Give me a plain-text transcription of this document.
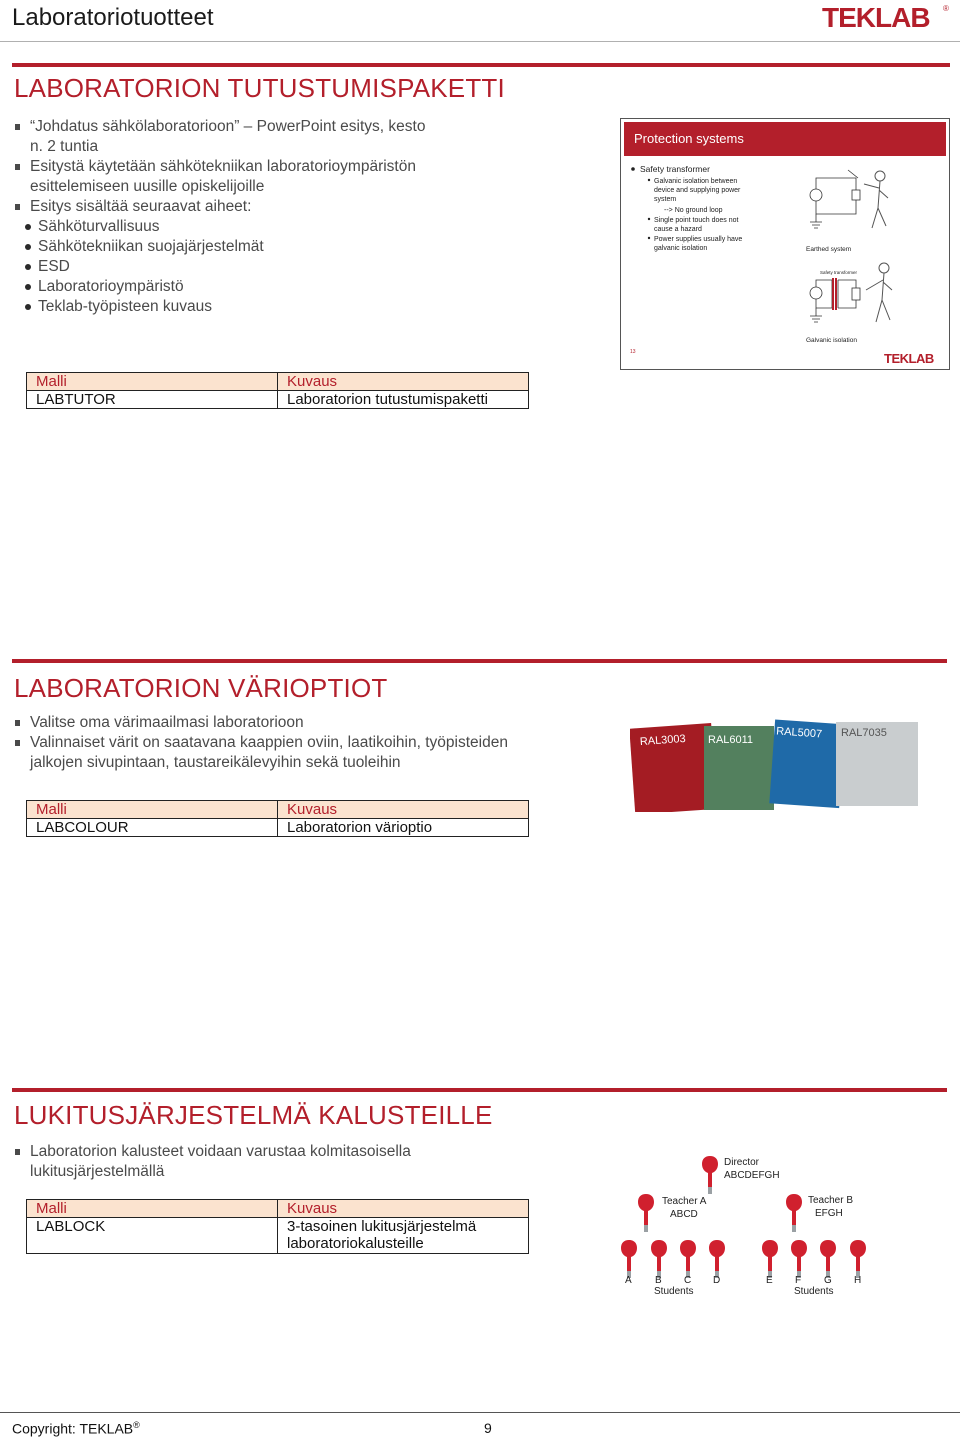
Laboratoriotuotteet	TEKLAB ®
LABORATORION TUTUSTUMISPAKETTI
“Johdatus sähkölaboratorioon” – PowerPoint esitys, kesto n. 2 tuntia
Esitystä käytetään sähkötekniikan laboratorioympäristön esittelemiseen uusille opiskelijoille
Esitys sisältää seuraavat aiheet:
Sähköturvallisuus
Sähkötekniikan suojajärjestelmät
ESD
Laboratorioympäristö
Teklab-työpisteen kuvaus
Protection systems
Safety transformer
Galvanic isolation between
device and supplying power
system
--> No ground loop
Single point touch does not
cause a hazard
Power supplies usually have
galvanic isolation	Earthed system
Safety transformer
Galvanic isolation
13	TEKLAB
Malli	Kuvaus
LABTUTOR	Laboratorion tutustumispaketti
LABORATORION VÄRIOPTIOT
Valitse oma värimaailmasi laboratorioon
Valinnaiset värit on saatavana kaappien oviin, laatikoihin, työpisteiden jalkojen sivupintaan, taustareikälevyihin sekä tuoleihin
RAL3003 RAL6011 RAL5007 RAL7035
Malli	Kuvaus
LABCOLOUR	Laboratorion värioptio
LUKITUSJÄRJESTELMÄ KALUSTEILLE
Laboratorion kalusteet voidaan varustaa kolmitasoisella lukitusjärjestelmällä
Director
ABCDEFGH
Teacher A
ABCD
Teacher B
EFGH
A B C D	E F G H
Students	Students
Malli	Kuvaus
LABLOCK	3-tasoinen lukitusjärjestelmä laboratoriokalusteille
Copyright: TEKLAB®	9
